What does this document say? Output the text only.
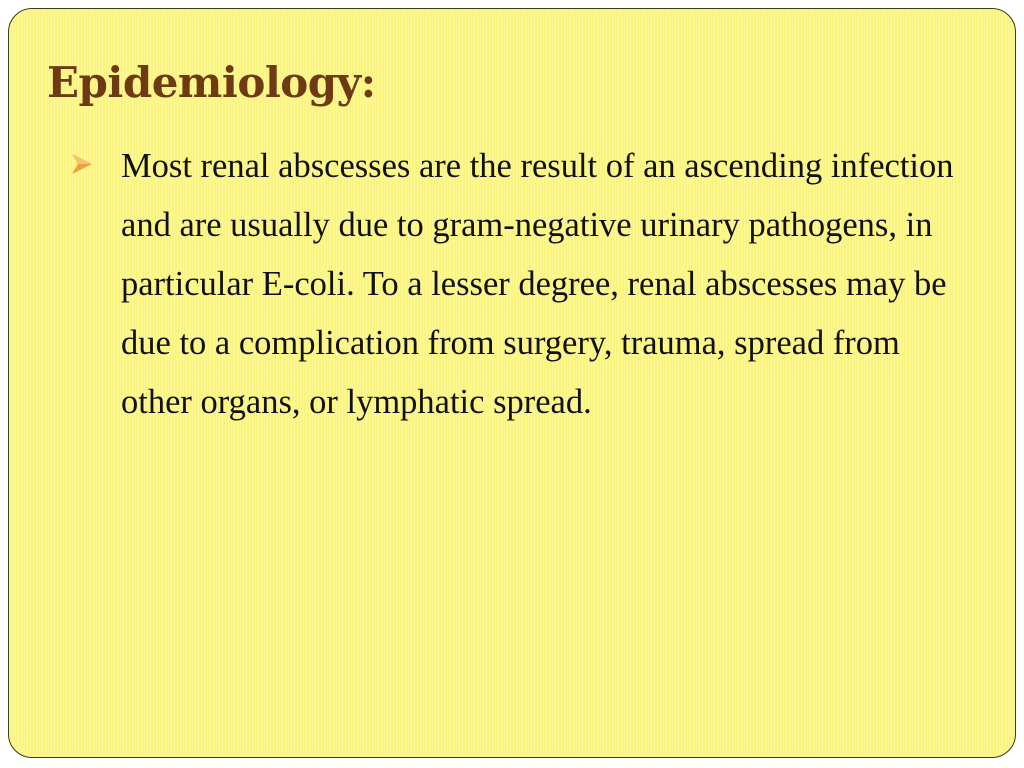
Epidemiology:

Most renal abscesses are the result of an ascending infection and are usually due to gram-negative urinary pathogens, in particular E-coli. To a lesser degree, renal abscesses may be due to a complication from surgery, trauma, spread from other organs, or lymphatic spread.
